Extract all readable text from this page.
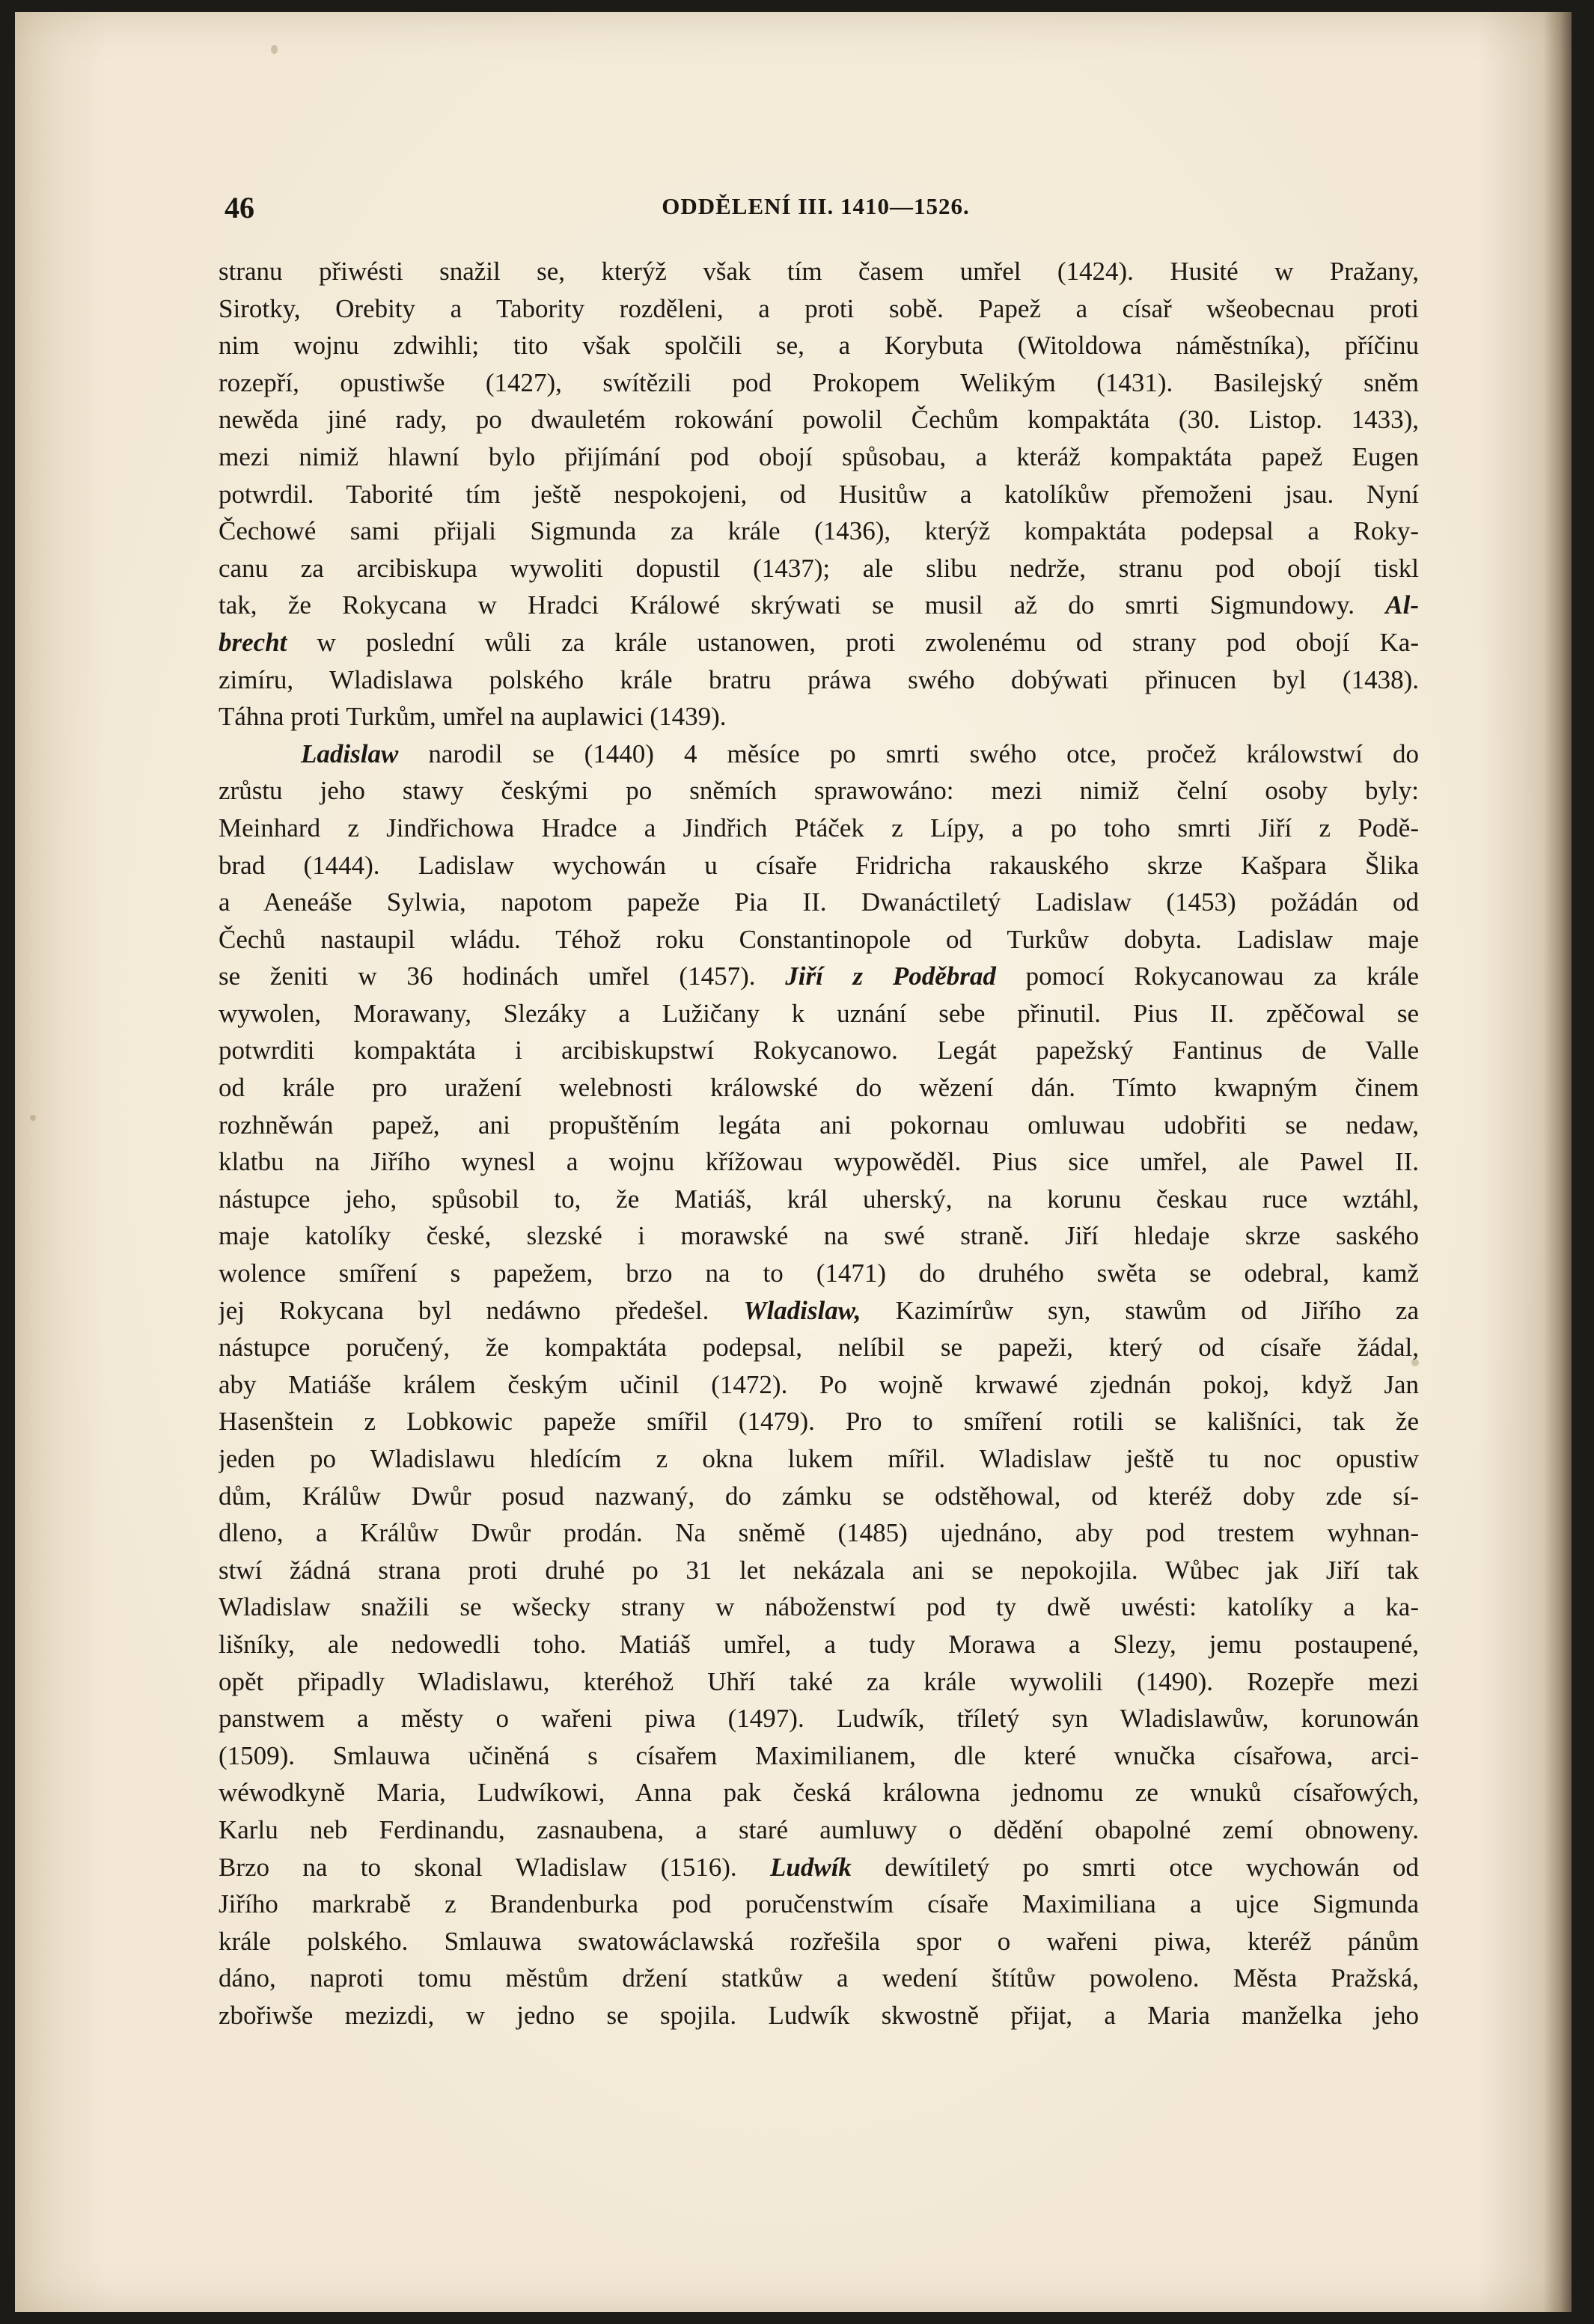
46	ODDĚLENÍ III. 1410—1526.
stranu přiwésti snažil se, kterýž však tím časem umřel (1424). Husité w Pražany,
Sirotky, Orebity a Tabority rozděleni, a proti sobě. Papež a císař wšeobecnau proti
nim wojnu zdwihli; tito však spolčili se, a Korybuta (Witoldowa náměstníka), příčinu
rozepří, opustiwše (1427), swítězili pod Prokopem Welikým (1431). Basilejský sněm
newěda jiné rady, po dwauletém rokowání powolil Čechům kompaktáta (30. Listop. 1433),
mezi nimiž hlawní bylo přijímání pod obojí spůsobau, a kteráž kompaktáta papež Eugen
potwrdil. Taborité tím ještě nespokojeni, od Husitůw a katolíkůw přemoženi jsau. Nyní
Čechowé sami přijali Sigmunda za krále (1436), kterýž kompaktáta podepsal a Roky-
canu za arcibiskupa wywoliti dopustil (1437); ale slibu nedrže, stranu pod obojí tiskl
tak, že Rokycana w Hradci Králowé skrýwati se musil až do smrti Sigmundowy. Al-
brecht w poslední wůli za krále ustanowen, proti zwolenému od strany pod obojí Ka-
zimíru, Wladislawa polského krále bratru práwa swého dobýwati přinucen byl (1438).
Táhna proti Turkům, umřel na auplawici (1439).
Ladislaw narodil se (1440) 4 měsíce po smrti swého otce, pročež králowstwí do
zrůstu jeho stawy českými po sněmích sprawowáno: mezi nimiž čelní osoby byly:
Meinhard z Jindřichowa Hradce a Jindřich Ptáček z Lípy, a po toho smrti Jiří z Podě-
brad (1444). Ladislaw wychowán u císaře Fridricha rakauského skrze Kašpara Šlika
a Aeneáše Sylwia, napotom papeže Pia II. Dwanáctiletý Ladislaw (1453) požádán od
Čechů nastaupil wládu. Téhož roku Constantinopole od Turkůw dobyta. Ladislaw maje
se ženiti w 36 hodinách umřel (1457). Jiří z Poděbrad pomocí Rokycanowau za krále
wywolen, Morawany, Slezáky a Lužičany k uznání sebe přinutil. Pius II. zpěčowal se
potwrditi kompaktáta i arcibiskupstwí Rokycanowo. Legát papežský Fantinus de Valle
od krále pro uražení welebnosti králowské do wězení dán. Tímto kwapným činem
rozhněwán papež, ani propuštěním legáta ani pokornau omluwau udobřiti se nedaw,
klatbu na Jiřího wynesl a wojnu křížowau wypowěděl. Pius sice umřel, ale Pawel II.
nástupce jeho, spůsobil to, že Matiáš, král uherský, na korunu českau ruce wztáhl,
maje katolíky české, slezské i morawské na swé straně. Jiří hledaje skrze saského
wolence smíření s papežem, brzo na to (1471) do druhého swěta se odebral, kamž
jej Rokycana byl nedáwno předešel. Wladislaw, Kazimírůw syn, stawům od Jiřího za
nástupce poručený, že kompaktáta podepsal, nelíbil se papeži, který od císaře žádal,
aby Matiáše králem českým učinil (1472). Po wojně krwawé zjednán pokoj, když Jan
Hasenštein z Lobkowic papeže smířil (1479). Pro to smíření rotili se kališníci, tak že
jeden po Wladislawu hledícím z okna lukem mířil. Wladislaw ještě tu noc opustiw
dům, Králůw Dwůr posud nazwaný, do zámku se odstěhowal, od kteréž doby zde sí-
dleno, a Králůw Dwůr prodán. Na sněmě (1485) ujednáno, aby pod trestem wyhnan-
stwí žádná strana proti druhé po 31 let nekázala ani se nepokojila. Wůbec jak Jiří tak
Wladislaw snažili se wšecky strany w náboženstwí pod ty dwě uwésti: katolíky a ka-
lišníky, ale nedowedli toho. Matiáš umřel, a tudy Morawa a Slezy, jemu postaupené,
opět připadly Wladislawu, kteréhož Uhří také za krále wywolili (1490). Rozepře mezi
panstwem a městy o wařeni piwa (1497). Ludwík, tříletý syn Wladislawůw, korunowán
(1509). Smlauwa učiněná s císařem Maximilianem, dle které wnučka císařowa, arci-
wéwodkyně Maria, Ludwíkowi, Anna pak česká králowna jednomu ze wnuků císařowých,
Karlu neb Ferdinandu, zasnaubena, a staré aumluwy o dědění obapolné zemí obnoweny.
Brzo na to skonal Wladislaw (1516). Ludwík dewítiletý po smrti otce wychowán od
Jiřího markrabě z Brandenburka pod poručenstwím císaře Maximiliana a ujce Sigmunda
krále polského. Smlauwa swatowáclawská rozřešila spor o wařeni piwa, kteréž pánům
dáno, naproti tomu městům držení statkůw a wedení štítůw powoleno. Města Pražská,
zbořiwše mezizdi, w jedno se spojila. Ludwík skwostně přijat, a Maria manželka jeho
